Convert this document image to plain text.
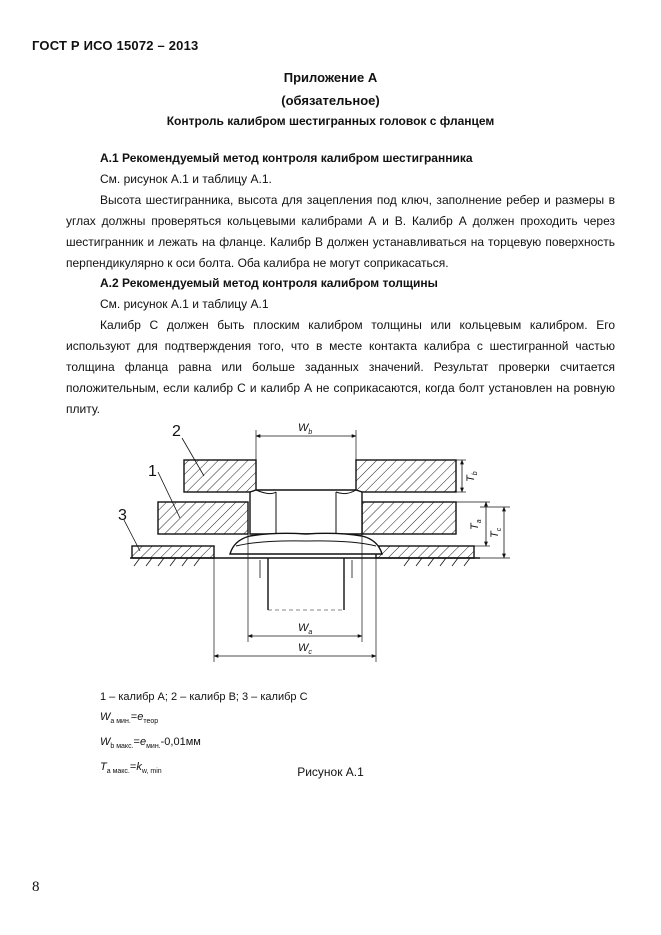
ГОСТ Р ИСО 15072 – 2013
Приложение А
(обязательное)
Контроль калибром шестигранных головок с фланцем

А.1 Рекомендуемый метод контроля калибром шестигранника

См. рисунок А.1 и таблицу А.1.

Высота шестигранника, высота для зацепления под ключ, заполнение ребер и размеры в углах должны проверяться кольцевыми калибрами А и В. Калибр А должен проходить через шестигранник и лежать на фланце. Калибр В должен устанавливаться на торцевую поверхность перпендикулярно к оси болта. Оба калибра не могут соприкасаться.

А.2 Рекомендуемый метод контроля калибром толщины

См. рисунок А.1 и таблицу А.1

Калибр С должен быть плоским калибром толщины или кольцевым калибром. Его используют для подтверждения того, что в месте контакта калибра с шестигранной частью толщина фланца равна или больше заданных значений. Результат проверки считается положительным, если калибр С и калибр А не соприкасаются, когда болт установлен на ровную плиту.

2
1
3
$W_b$
$W_a$
$W_c$
$T_b$
$T_a$
$T_c$
1 – калибр А; 2 – калибр В; 3 – калибр С
$W_{a мин.}=e_{теор}$
$W_{b макс.}=e_{мин.}-0,01мм$
$T_{a макс.}=k_{w, min}$	Рисунок А.1
8
